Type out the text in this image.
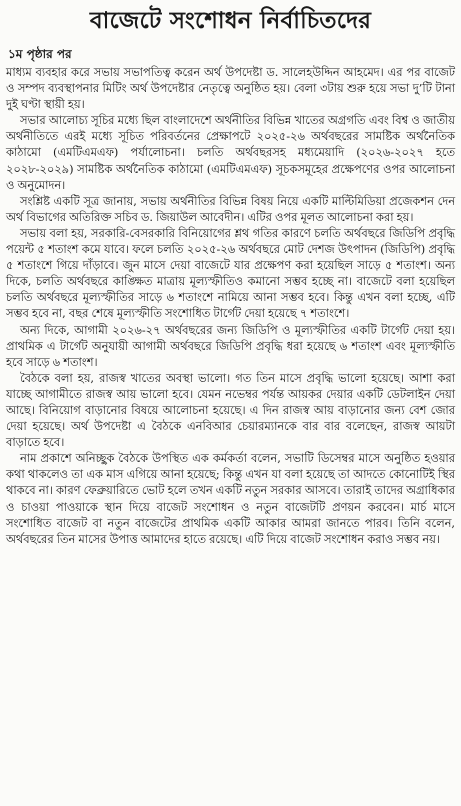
বাজেটে সংশোধন নির্বাচিতদের
১ম পৃষ্ঠার পর

মাধ্যম ব্যবহার করে সভায় সভাপতিত্ব করেন অর্থ উপদেষ্টা ড. সালেহউদ্দিন আহমেদ। এর পর বাজেট ও সম্পদ ব্যবস্থাপনার মিটিং অর্থ উপদেষ্টার নেতৃত্বে অনুষ্ঠিত হয়। বেলা ৩টায় শুরু হয়ে সভা দু’টি টানা দুই ঘণ্টা স্থায়ী হয়।

সভার আলোচ্য সূচির মধ্যে ছিল বাংলাদেশে অর্থনীতির বিভিন্ন খাতের অগ্রগতি এবং বিশ্ব ও জাতীয় অর্থনীতিতে এরই মধ্যে সূচিত পরিবর্তনের প্রেক্ষাপটে ২০২৫-২৬ অর্থবছরের সামষ্টিক অর্থনৈতিক কাঠামো (এমটিএমএফ) পর্যালোচনা। চলতি অর্থবছরসহ মধ্যমেয়াদি (২০২৬-২০২৭ হতে ২০২৮-২০২৯) সামষ্টিক অর্থনৈতিক কাঠামো (এমটিএমএফ) সূচকসমূহের প্রক্ষেপণের ওপর আলোচনা ও অনুমোদন।

সংশ্লিষ্ট একটি সূত্র জানায়, সভায় অর্থনীতির বিভিন্ন বিষয় নিয়ে একটি মাল্টিমিডিয়া প্রজেকশন দেন অর্থ বিভাগের অতিরিক্ত সচিব ড. জিয়াউল আবেদীন। এটির ওপর মূলত আলোচনা করা হয়।

সভায় বলা হয়, সরকারি-বেসরকারি বিনিয়োগের শ্লথ গতির কারণে চলতি অর্থবছরে জিডিপি প্রবৃদ্ধি পয়েন্ট ৫ শতাংশ কমে যাবে। ফলে চলতি ২০২৫-২৬ অর্থবছরে মোট দেশজ উৎপাদন (জিডিপি) প্রবৃদ্ধি ৫ শতাংশে গিয়ে দাঁড়াবে। জুন মাসে দেয়া বাজেটে যার প্রক্ষেপণ করা হয়েছিল সাড়ে ৫ শতাংশ। অন্য দিকে, চলতি অর্থবছরে কাঙ্ক্ষিত মাত্রায় মূল্যস্ফীতিও কমানো সম্ভব হচ্ছে না। বাজেটে বলা হয়েছিল চলতি অর্থবছরে মূল্যস্ফীতির সাড়ে ৬ শতাংশে নামিয়ে আনা সম্ভব হবে। কিন্তু এখন বলা হচ্ছে, এটি সম্ভব হবে না, বছর শেষে মূল্যস্ফীতি সংশোধিত টার্গেট দেয়া হয়েছে ৭ শতাংশে।

অন্য দিকে, আগামী ২০২৬-২৭ অর্থবছরের জন্য জিডিপি ও মূল্যস্ফীতির একটি টার্গেট দেয়া হয়। প্রাথমিক এ টার্গেট অনুযায়ী আগামী অর্থবছরে জিডিপি প্রবৃদ্ধি ধরা হয়েছে ৬ শতাংশ এবং মূল্যস্ফীতি হবে সাড়ে ৬ শতাংশ।

বৈঠকে বলা হয়, রাজস্ব খাতের অবস্থা ভালো। গত তিন মাসে প্রবৃদ্ধি ভালো হয়েছে। আশা করা যাচ্ছে আগামীতে রাজস্ব আয় ভালো হবে। যেমন নভেম্বর পর্যন্ত আয়কর দেয়ার একটি ডেটলাইন দেয়া আছে। বিনিয়োগ বাড়ানোর বিষয়ে আলোচনা হয়েছে। এ দিন রাজস্ব আয় বাড়ানোর জন্য বেশ জোর দেয়া হয়েছে। অর্থ উপদেষ্টা এ বৈঠকে এনবিআর চেয়ারম্যানকে বার বার বলেছেন, রাজস্ব আয়টা বাড়াতে হবে।

নাম প্রকাশে অনিচ্ছুক বৈঠকে উপস্থিত এক কর্মকর্তা বলেন, সভাটি ডিসেম্বর মাসে অনুষ্ঠিত হওয়ার কথা থাকলেও তা এক মাস এগিয়ে আনা হয়েছে; কিন্তু এখন যা বলা হয়েছে তা আদতে কোনোটিই স্থির থাকবে না। কারণ ফেব্রুয়ারিতে ভোট হলে তখন একটি নতুন সরকার আসবে। তারাই তাদের অগ্রাধিকার ও চাওয়া পাওয়াকে স্থান দিয়ে বাজেট সংশোধন ও নতুন বাজেটটি প্রণয়ন করবেন। মার্চ মাসে সংশোধিত বাজেট বা নতুন বাজেটের প্রাথমিক একটি আকার আমরা জানতে পারব। তিনি বলেন, অর্থবছরের তিন মাসের উপাত্ত আমাদের হাতে রয়েছে। এটি দিয়ে বাজেট সংশোধন করাও সম্ভব নয়।
